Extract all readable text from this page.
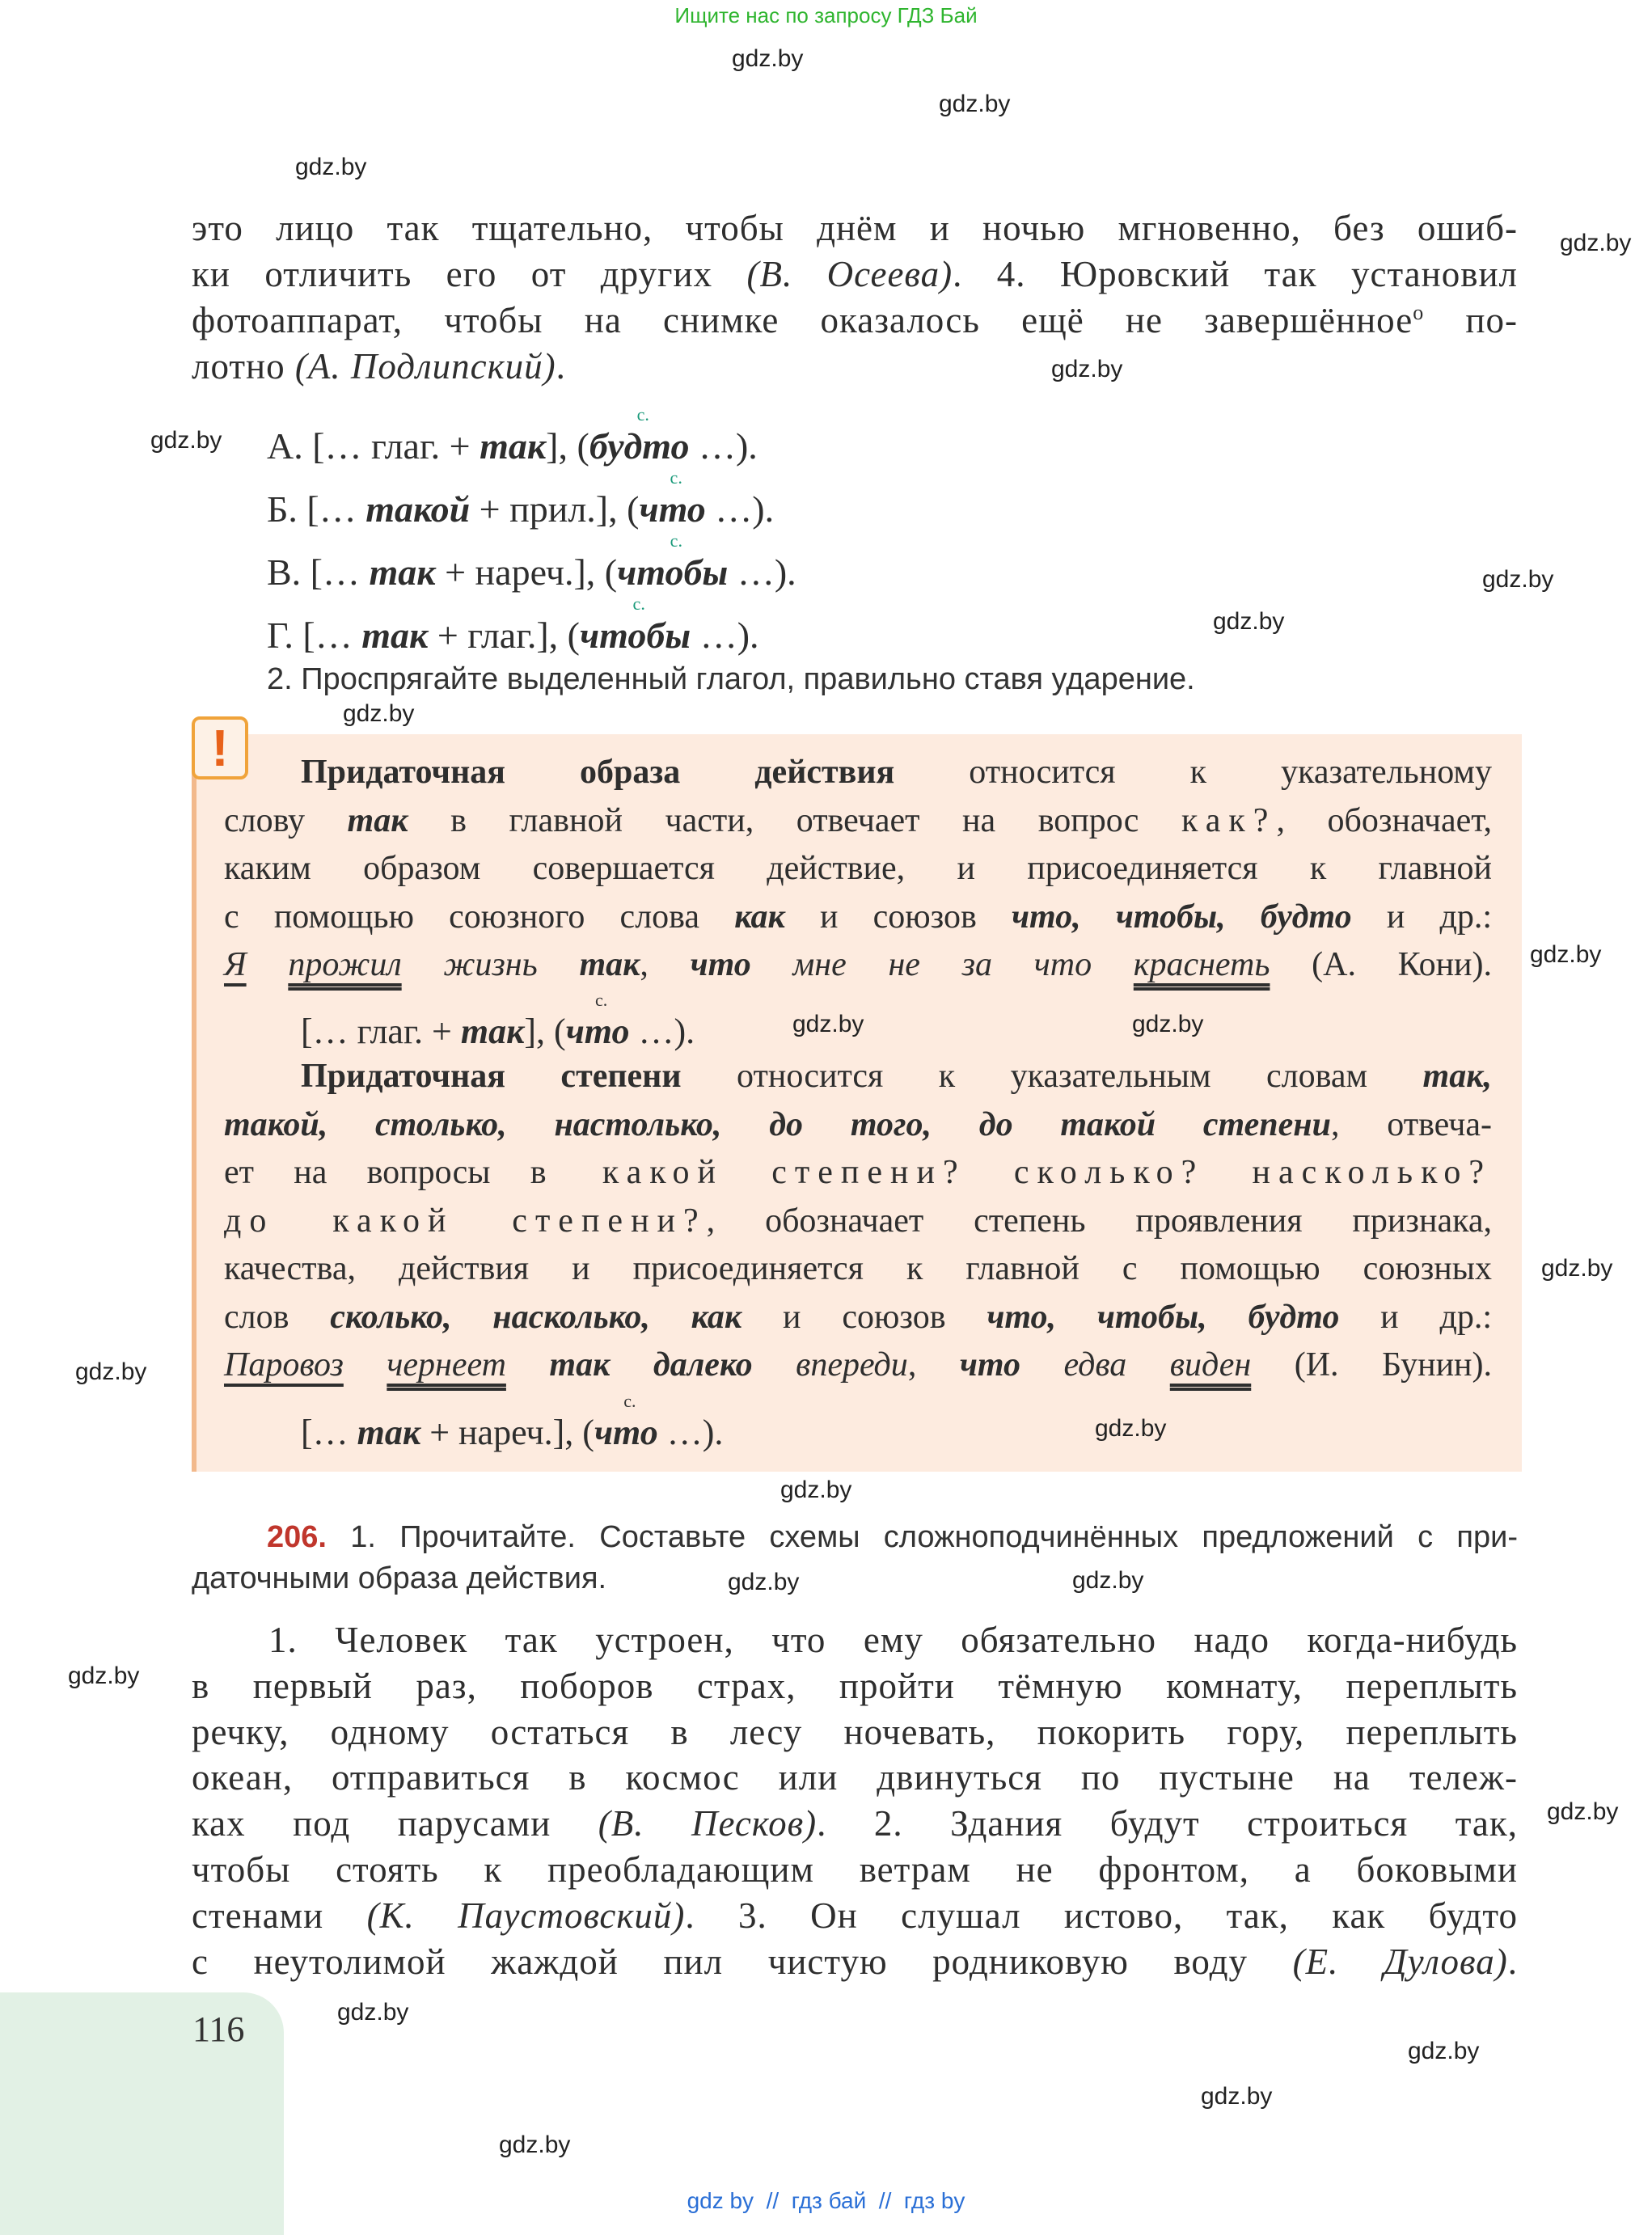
Ищите нас по запросу ГДЗ Бай
это лицо так тщательно, чтобы днём и ночью мгновенно, без ошиб-
ки отличить его от других (В. Осеева). 4. Юровский так установил
фотоаппарат, чтобы на снимке оказалось ещё не завершённое$^о$ по-
лотно (А. Подлипский).
А. [… глаг. + так], (
с.
будто …).
Б. [… такой + прил.], (
с.
что …).
В. [… так + нареч.], (
с.
чтобы …).
Г. [… так + глаг.], (
с.
чтобы …).
2. Проспрягайте выделенный глагол, правильно ставя ударение.
!	Придаточная образа действия относится к указательному
слову так в главной части, отвечает на вопрос как?, обозначает,
каким образом совершается действие, и присоединяется к главной
с помощью союзного слова как и союзов что, чтобы, будто и др.:
Я прожил жизнь так, что мне не за что краснеть (А. Кони).
[… глаг. + так], (
с.
что …).
Придаточная степени относится к указательным словам так,
такой, столько, настолько, до того, до такой степени, отвеча-
ет на вопросы в какой степени? сколько? насколько?
до какой степени?, обозначает степень проявления признака,
качества, действия и присоединяется к главной с помощью союзных
слов сколько, насколько, как и союзов что, чтобы, будто и др.:
Паровоз чернеет так далеко впереди, что едва виден (И. Бунин).
[… так + нареч.], (
с.
что …).
206. 1. Прочитайте. Составьте схемы сложноподчинённых предложений с при-
даточными образа действия.
1. Человек так устроен, что ему обязательно надо когда-нибудь
в первый раз, поборов страх, пройти тёмную комнату, переплыть
речку, одному остаться в лесу ночевать, покорить гору, переплыть
океан, отправиться в космос или двинуться по пустыне на тележ-
ках под парусами (В. Песков). 2. Здания будут строиться так,
чтобы стоять к преобладающим ветрам не фронтом, а боковыми
стенами (К. Паустовский). 3. Он слушал истово, так, как будто
с неутолимой жаждой пил чистую родниковую воду (Е. Дулова).
116
gdz.by
gdz.by
gdz.by
gdz.by
gdz.by
gdz.by
gdz.by
gdz.by
gdz.by
gdz.by
gdz.by	gdz.by
gdz.by
gdz.by
gdz.by
gdz.by
gdz.by
gdz.by
gdz.by
gdz.by
gdz.by
gdz.by
gdz.by
gdz.by
gdz by  //  гдз бай  //  гдз by
